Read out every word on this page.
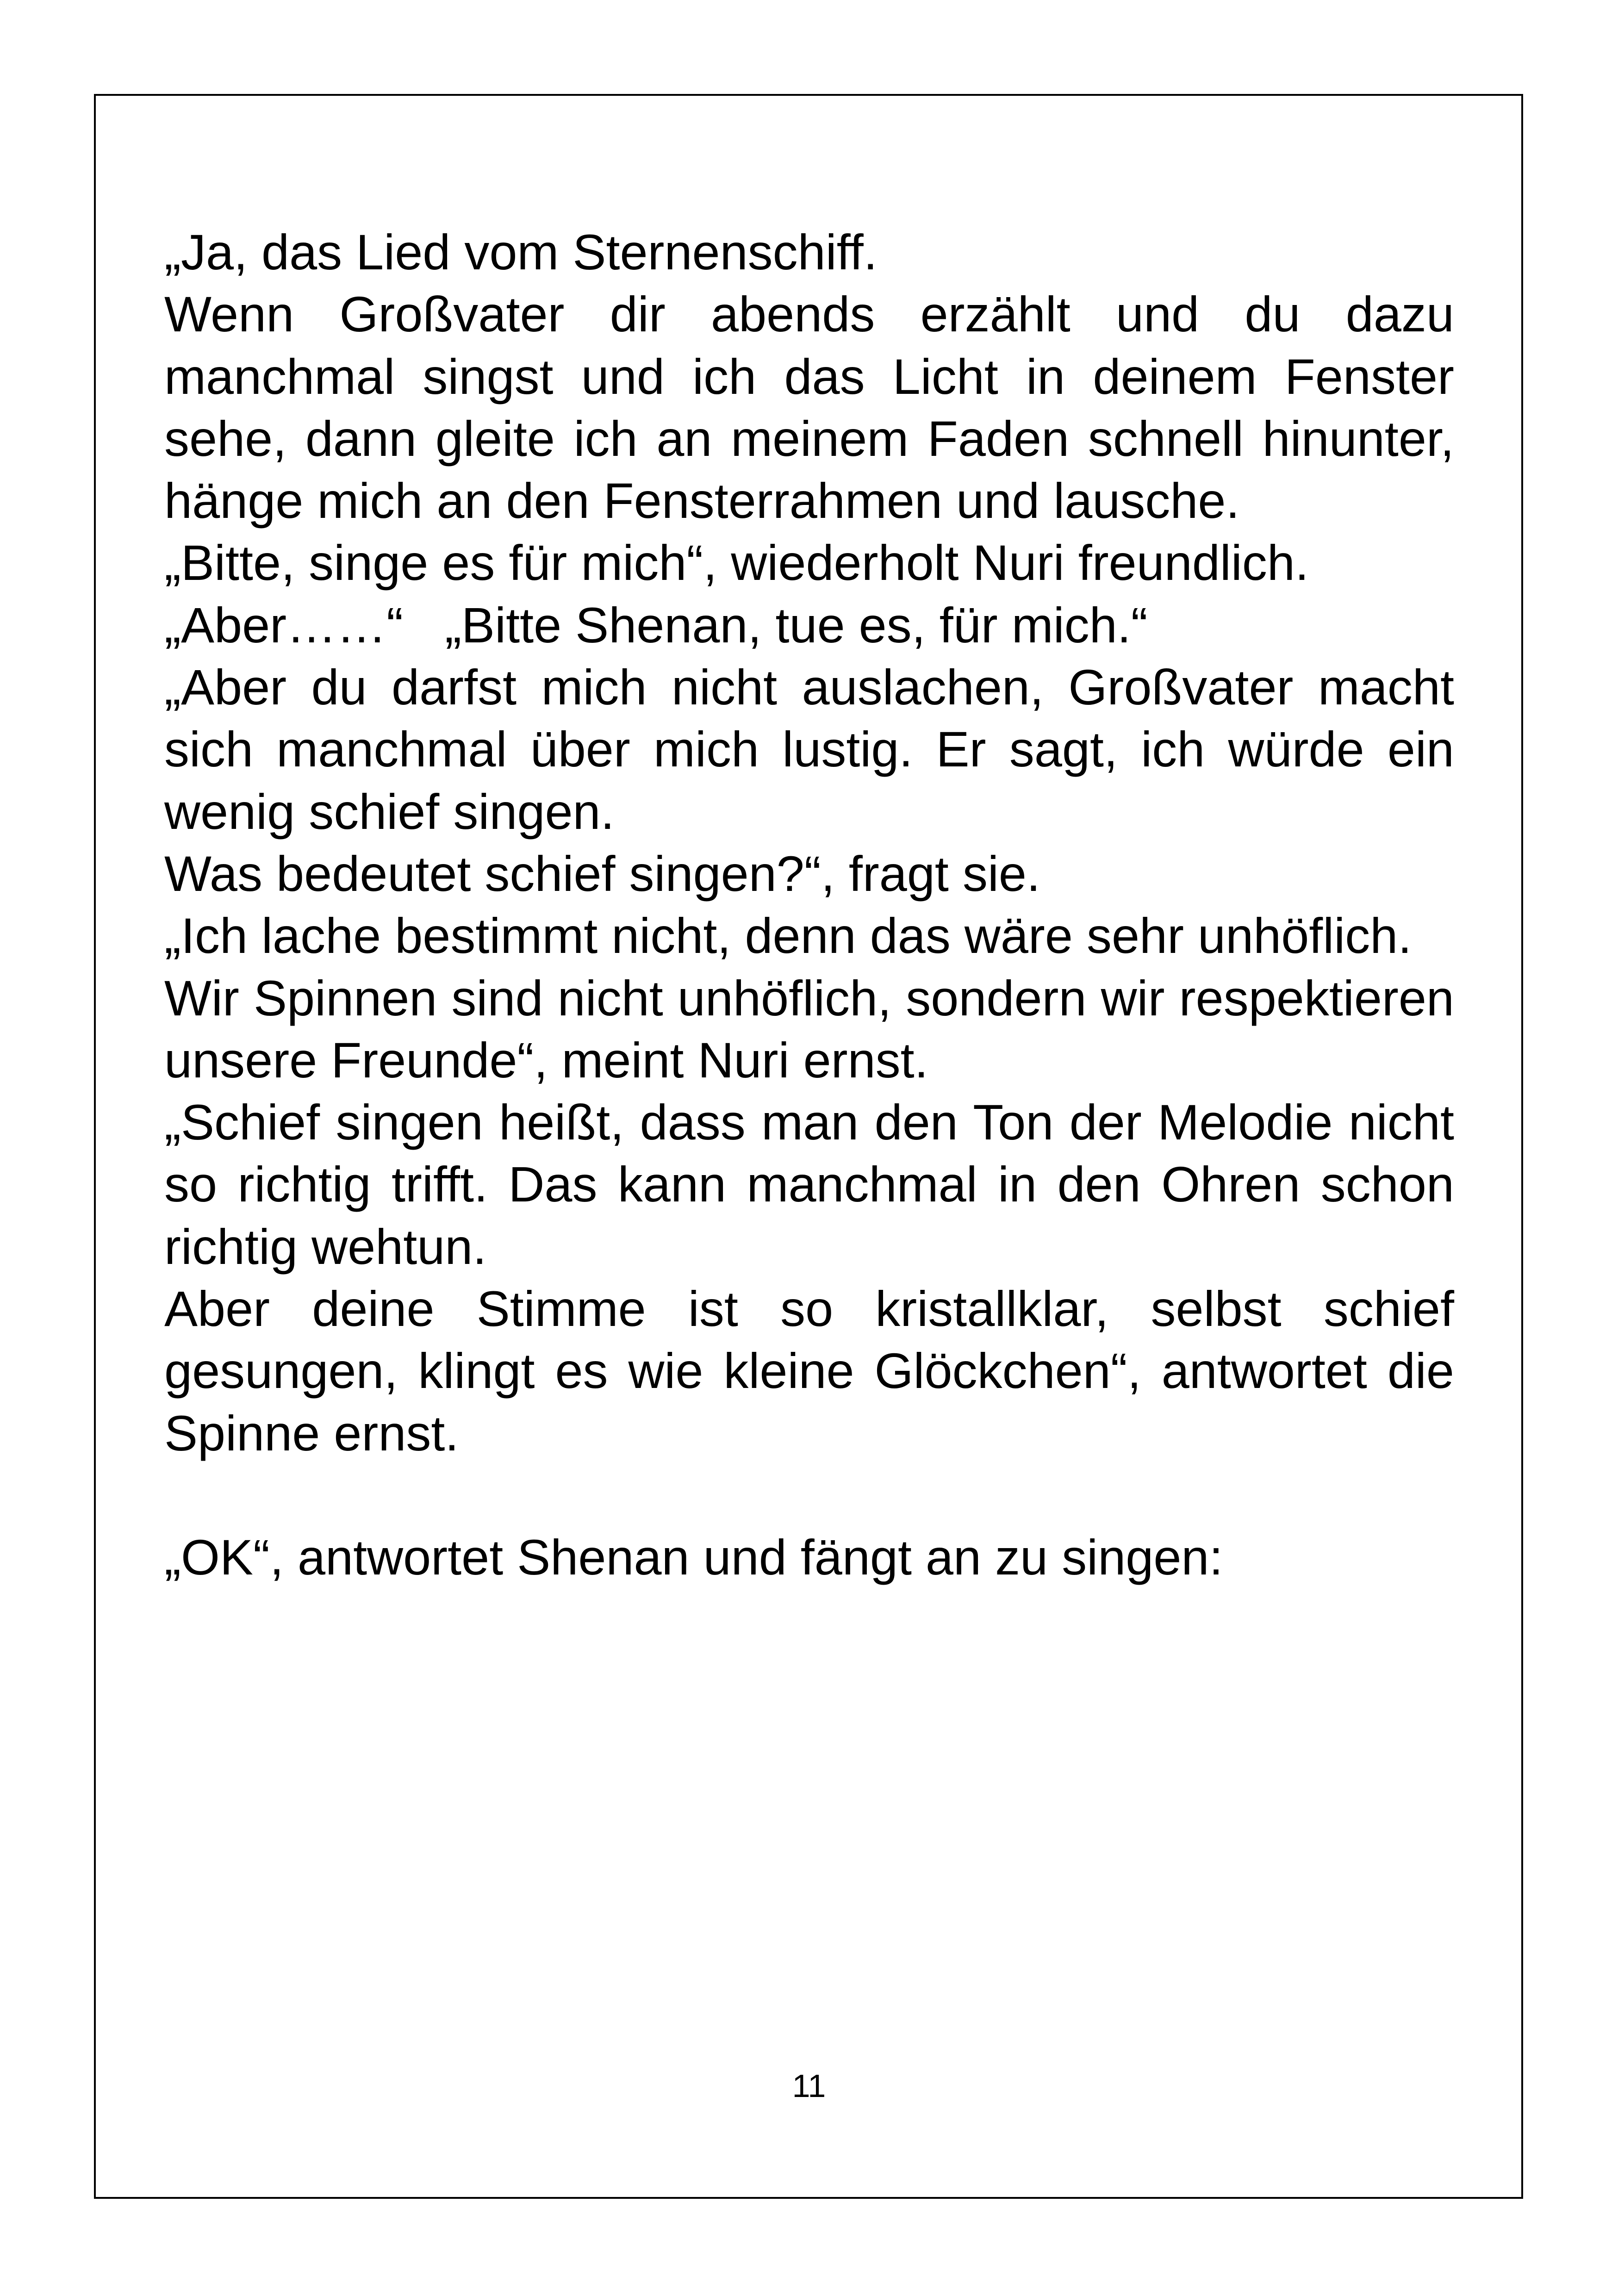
„Ja, das Lied vom Sternenschiff.

Wenn Großvater dir abends erzählt und du dazu manchmal singst und ich das Licht in deinem Fenster sehe, dann gleite ich an meinem Faden schnell hinunter, hänge mich an den Fensterrahmen und lausche.

„Bitte, singe es für mich“, wiederholt Nuri freundlich.

„Aber……“   „Bitte Shenan, tue es, für mich.“

„Aber du darfst mich nicht auslachen, Großvater macht sich manchmal über mich lustig. Er sagt, ich würde ein wenig schief singen.

Was bedeutet schief singen?“, fragt sie.

„Ich lache bestimmt nicht, denn das wäre sehr unhöflich.

Wir Spinnen sind nicht unhöflich, sondern wir respektieren unsere Freunde“, meint Nuri ernst.

„Schief singen heißt, dass man den Ton der Melodie nicht so richtig trifft. Das kann manchmal in den Ohren schon richtig wehtun.

Aber deine Stimme ist so kristallklar, selbst schief gesungen, klingt es wie kleine Glöckchen“, antwortet die Spinne ernst.

„OK“, antwortet Shenan und fängt an zu singen:

11
